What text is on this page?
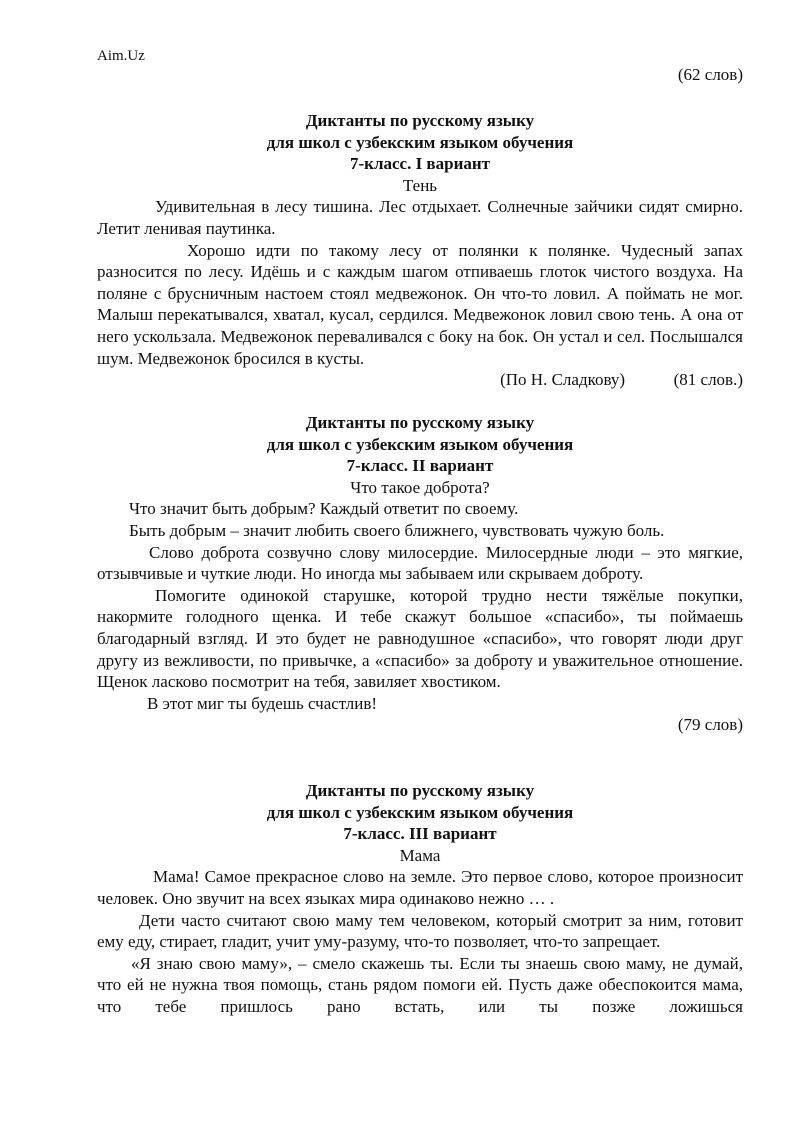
Aim.Uz
(62 слов)

Диктанты по русскому языку

для школ с узбекским языком обучения

7-класс. I вариант

Тень

Удивительная в лесу тишина. Лес отдыхает. Солнечные зайчики сидят смирно. Летит ленивая паутинка.

Хорошо идти по такому лесу от полянки к полянке. Чудесный запах разносится по лесу. Идёшь и с каждым шагом отпиваешь глоток чистого воздуха. На поляне с брусничным настоем стоял медвежонок. Он что-то ловил. А поймать не мог. Малыш перекатывался, хватал, кусал, сердился. Медвежонок ловил свою тень. А она от него ускользала. Медвежонок переваливался с боку на бок. Он устал и сел. Послышался шум. Медвежонок бросился в кусты.

(По Н. Сладкову)	(81 слов.)

Диктанты по русскому языку

для школ с узбекским языком обучения

7-класс. II вариант

Что такое доброта?

Что значит быть добрым? Каждый ответит по своему.

Быть добрым – значит любить своего ближнего, чувствовать чужую боль.

Слово доброта созвучно слову милосердие. Милосердные люди – это мягкие, отзывчивые и чуткие люди. Но иногда мы забываем или скрываем доброту.

Помогите одинокой старушке, которой трудно нести тяжёлые покупки, накормите голодного щенка. И тебе скажут большое «спасибо», ты поймаешь благодарный взгляд. И это будет не равнодушное «спасибо», что говорят люди друг другу из вежливости, по привычке, а «спасибо» за доброту и уважительное отношение. Щенок ласково посмотрит на тебя, завиляет хвостиком.

В этот миг ты будешь счастлив!

(79 слов)

Диктанты по русскому языку

для школ с узбекским языком обучения

7-класс. III вариант

Мама

Мама! Самое прекрасное слово на земле. Это первое слово, которое произносит человек. Оно звучит на всех языках мира одинаково нежно … .

Дети часто считают свою маму тем человеком, который смотрит за ним, готовит ему еду, стирает, гладит, учит уму-разуму, что-то позволяет, что-то запрещает.

«Я знаю свою маму», – смело скажешь ты. Если ты знаешь свою маму, не думай, что ей не нужна твоя помощь, стань рядом помоги ей. Пусть даже обеспокоится мама, что тебе пришлось рано встать, или ты позже ложишься
